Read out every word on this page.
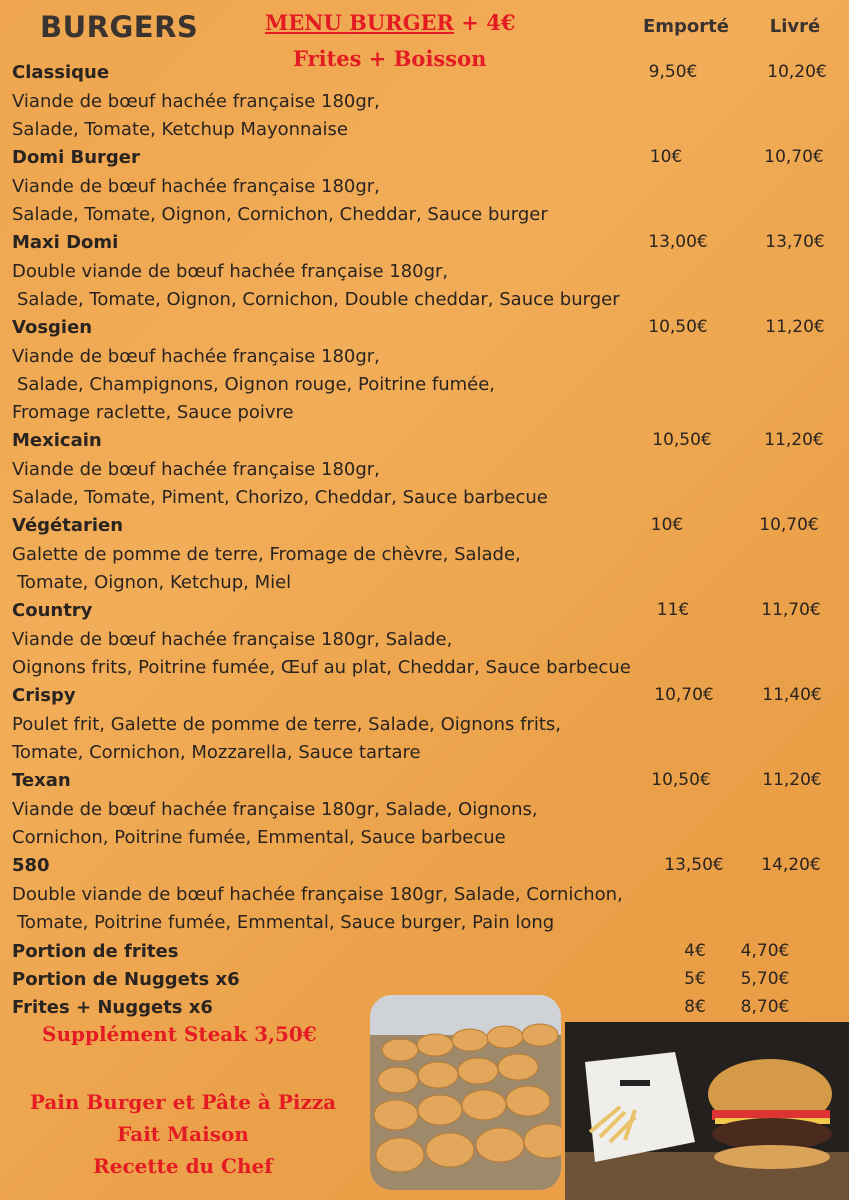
BURGERS	MENU BURGER + 4€
Frites + Boisson
Emporté Livré
Classique	9,50€	10,20€
Viande de bœuf hachée française 180gr,
Salade, Tomate, Ketchup Mayonnaise
Domi Burger	10€	10,70€
Viande de bœuf hachée française 180gr,
Salade, Tomate, Oignon, Cornichon, Cheddar, Sauce burger
Maxi Domi	13,00€	13,70€
Double viande de bœuf hachée française 180gr,
Salade, Tomate, Oignon, Cornichon, Double cheddar, Sauce burger
Vosgien	10,50€	11,20€
Viande de bœuf hachée française 180gr,
Salade, Champignons, Oignon rouge, Poitrine fumée,
Fromage raclette, Sauce poivre
Mexicain	10,50€	11,20€
Viande de bœuf hachée française 180gr,
Salade, Tomate, Piment, Chorizo, Cheddar, Sauce barbecue
Végétarien	10€	10,70€
Galette de pomme de terre, Fromage de chèvre, Salade,
Tomate, Oignon, Ketchup, Miel
Country	11€	11,70€
Viande de bœuf hachée française 180gr, Salade,
Oignons frits, Poitrine fumée, Œuf au plat, Cheddar, Sauce barbecue
Crispy	10,70€	11,40€
Poulet frit, Galette de pomme de terre, Salade, Oignons frits,
Tomate, Cornichon, Mozzarella, Sauce tartare
Texan	10,50€	11,20€
Viande de bœuf hachée française 180gr, Salade, Oignons,
Cornichon, Poitrine fumée, Emmental, Sauce barbecue
580	13,50€ 14,20€
Double viande de bœuf hachée française 180gr, Salade, Cornichon,
Tomate, Poitrine fumée, Emmental, Sauce burger, Pain long
Portion de frites	4€ 4,70€
Portion de Nuggets x6	5€ 5,70€
Frites + Nuggets x6	8€ 8,70€
Supplément Steak 3,50€
Pain Burger et Pâte à Pizza
Fait Maison
Recette du Chef
